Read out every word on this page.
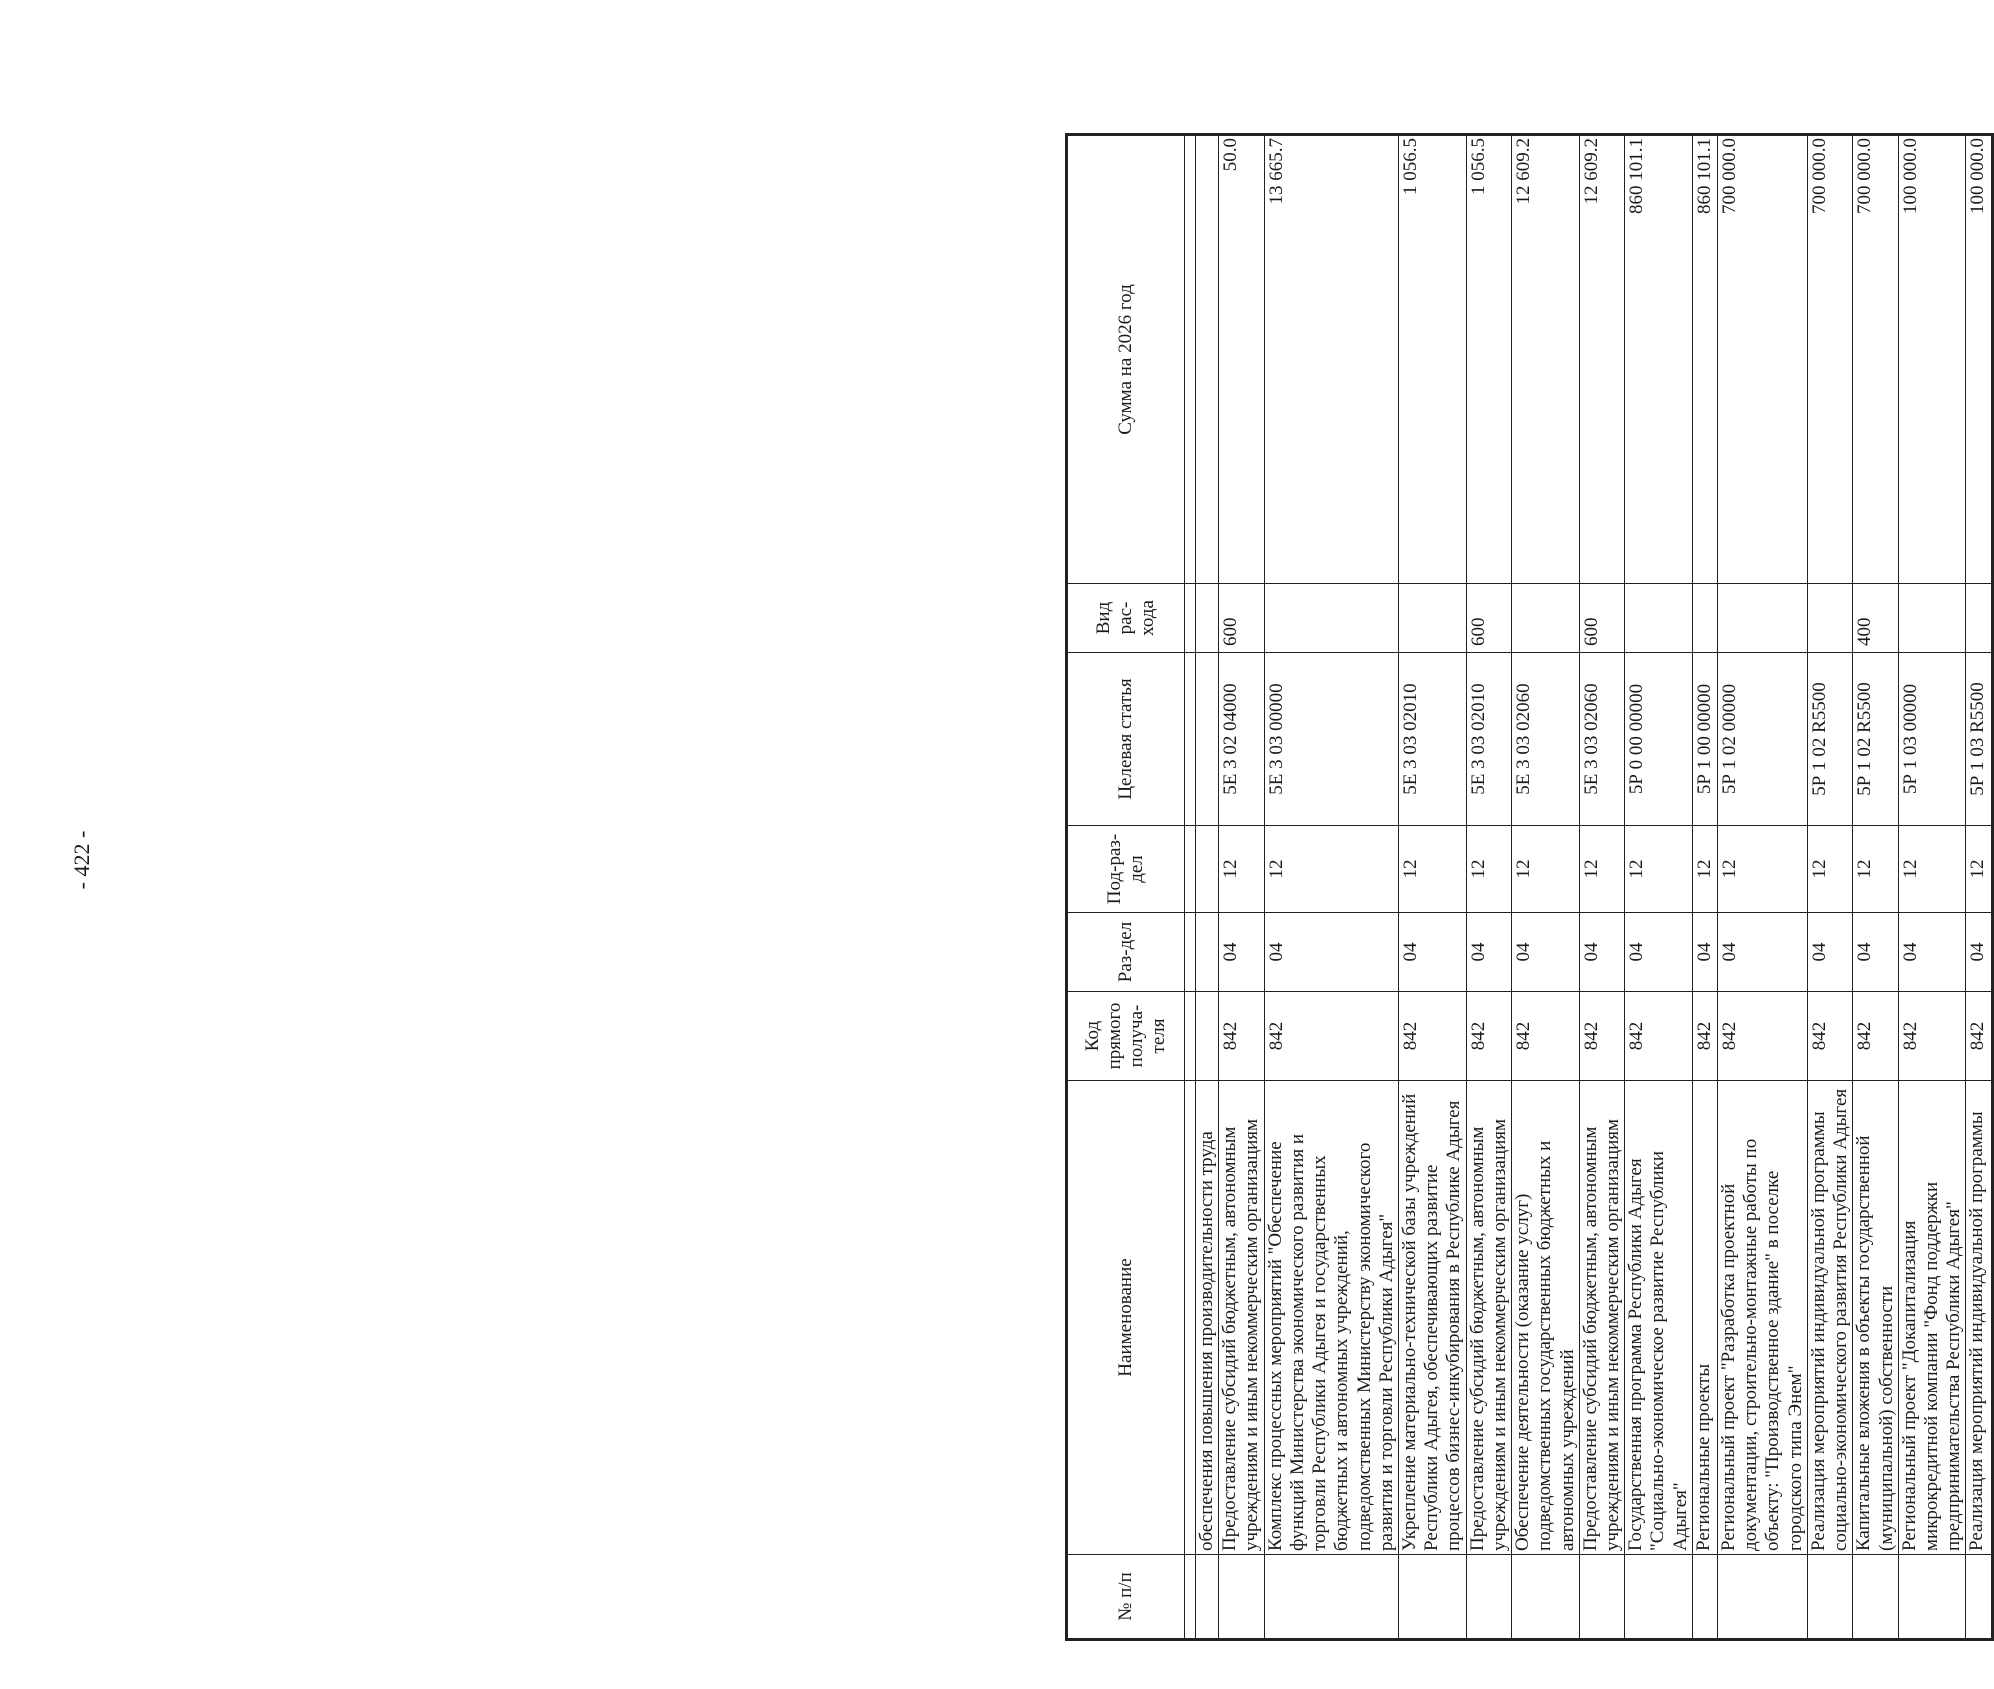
- 422 -
№ п/п	Наименование	Код прямого получа-теля	Раз-дел	Под-раз-дел	Целевая статья	Вид рас-хода	Сумма на 2026 год

	обеспечения повышения производительности труда						
	Предоставление субсидий бюджетным, автономным учреждениям и иным некоммерческим организациям	842	04	12	5Е 3 02 04000	600	50.0
	Комплекс процессных мероприятий "Обеспечение функций Министерства экономического развития и торговли Республики Адыгея и государственных бюджетных и автономных учреждений, подведомственных Министерству экономического развития и торговли Республики Адыгея"	842	04	12	5Е 3 03 00000		13 665.7
	Укрепление материально-технической базы учреждений Республики Адыгея, обеспечивающих развитие процессов бизнес-инкубирования в Республике Адыгея	842	04	12	5Е 3 03 02010		1 056.5
	Предоставление субсидий бюджетным, автономным учреждениям и иным некоммерческим организациям	842	04	12	5Е 3 03 02010	600	1 056.5
	Обеспечение деятельности (оказание услуг) подведомственных государственных бюджетных и автономных учреждений	842	04	12	5Е 3 03 02060		12 609.2
	Предоставление субсидий бюджетным, автономным учреждениям и иным некоммерческим организациям	842	04	12	5Е 3 03 02060	600	12 609.2
	Государственная программа Республики Адыгея "Социально-экономическое развитие Республики Адыгея"	842	04	12	5Р 0 00 00000		860 101.1
	Региональные проекты	842	04	12	5Р 1 00 00000		860 101.1
	Региональный проект "Разработка проектной документации, строительно-монтажные работы по объекту: "Производственное здание" в поселке городского типа Энем"	842	04	12	5Р 1 02 00000		700 000.0
	Реализация мероприятий индивидуальной программы социально-экономического развития Республики Адыгея	842	04	12	5Р 1 02 R5500		700 000.0
	Капитальные вложения в объекты государственной (муниципальной) собственности	842	04	12	5Р 1 02 R5500	400	700 000.0
	Региональный проект "Докапитализация микрокредитной компании "Фонд поддержки предпринимательства Республики Адыгея"	842	04	12	5Р 1 03 00000		100 000.0
	Реализация мероприятий индивидуальной программы	842	04	12	5Р 1 03 R5500		100 000.0
